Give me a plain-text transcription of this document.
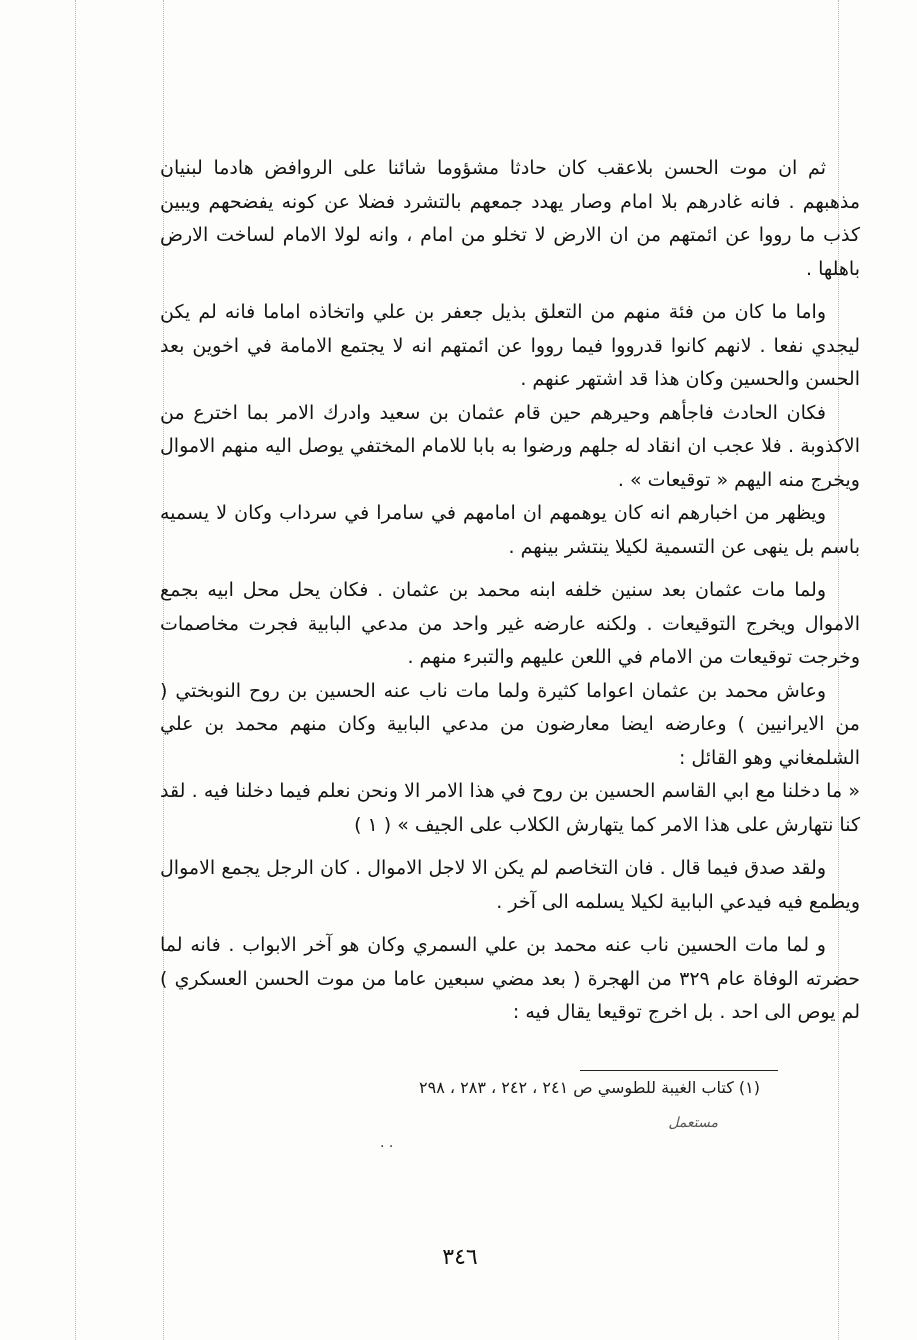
ثم ان موت الحسن بلاعقب كان حادثا مشؤوما شائنا على الروافض هادما لبنيان مذهبهم . فانه غادرهم بلا امام وصار يهدد جمعهم بالتشرد فضلا عن كونه يفضحهم ويبين كذب ما رووا عن ائمتهم من ان الارض لا تخلو من امام ، وانه لولا الامام لساخت الارض باهلها .

واما ما كان من فئة منهم من التعلق بذيل جعفر بن علي واتخاذه اماما فانه لم يكن ليجدي نفعا . لانهم كانوا قدرووا فيما رووا عن ائمتهم انه لا يجتمع الامامة في اخوين بعد الحسن والحسين وكان هذا قد اشتهر عنهم .

فكان الحادث فاجأهم وحيرهم حين قام عثمان بن سعيد وادرك الامر بما اخترع من الاكذوبة . فلا عجب ان انقاد له جلهم ورضوا به بابا للامام المختفي يوصل اليه منهم الاموال ويخرج منه اليهم « توقيعات » .

ويظهر من اخبارهم انه كان يوهمهم ان امامهم في سامرا في سرداب وكان لا يسميه باسم بل ينهى عن التسمية لكيلا ينتشر بينهم .

ولما مات عثمان بعد سنين خلفه ابنه محمد بن عثمان . فكان يحل محل ابيه بجمع الاموال ويخرج التوقيعات . ولكنه عارضه غير واحد من مدعي البابية فجرت مخاصمات وخرجت توقيعات من الامام في اللعن عليهم والتبرء منهم .

وعاش محمد بن عثمان اعواما كثيرة ولما مات ناب عنه الحسين بن روح النوبختي ( من الايرانيين ) وعارضه ايضا معارضون من مدعي البابية وكان منهم محمد بن علي الشلمغاني وهو القائل :

« ما دخلنا مع ابي القاسم الحسين بن روح في هذا الامر الا ونحن نعلم فيما دخلنا فيه . لقد كنا نتهارش على هذا الامر كما يتهارش الكلاب على الجيف » ( ١ )

ولقد صدق فيما قال . فان التخاصم لم يكن الا لاجل الاموال . كان الرجل يجمع الاموال ويطمع فيه فيدعي البابية لكيلا يسلمه الى آخر .

و لما مات الحسين ناب عنه محمد بن علي السمري وكان هو آخر الابواب . فانه لما حضرته الوفاة عام ٣٢٩ من الهجرة ( بعد مضي سبعين عاما من موت الحسن العسكري ) لم يوص الى احد . بل اخرج توقيعا يقال فيه :

(١) كتاب الغيبة للطوسي ص ٢٤١ ، ٢٤٢ ، ٢٨٣ ، ٢٩٨
مستعمل
. .
٣٤٦
